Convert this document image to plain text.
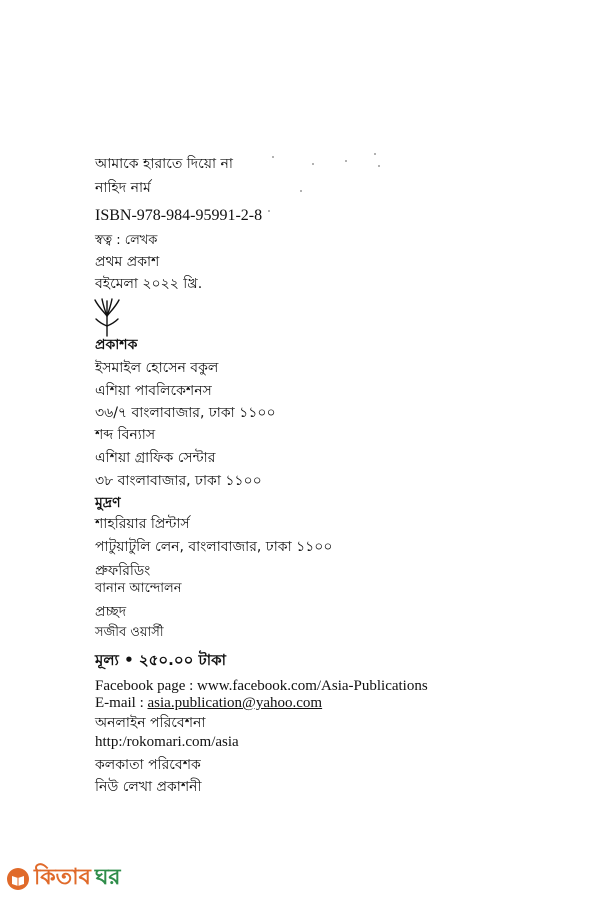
আমাকে হারাতে দিয়ো না
নাহিদ নার্ম
ISBN-978-984-95991-2-8
স্বত্ব : লেখক
প্রথম প্রকাশ
বইমেলা ২০২২ খ্রি.
প্রকাশক
ইসমাইল হোসেন বকুল
এশিয়া পাবলিকেশনস
৩৬/৭ বাংলাবাজার, ঢাকা ১১০০
শব্দ বিন্যাস
এশিয়া গ্রাফিক সেন্টার
৩৮ বাংলাবাজার, ঢাকা ১১০০
মুদ্রণ
শাহরিয়ার প্রিন্টার্স
পাটুয়াটুলি লেন, বাংলাবাজার, ঢাকা ১১০০
প্রুফরিডিং
বানান আন্দোলন
প্রচ্ছদ
সজীব ওয়ার্সী
মূল্য • ২৫০.০০ টাকা
Facebook page : www.facebook.com/Asia-Publications
E-mail : asia.publication@yahoo.com
অনলাইন পরিবেশনা
http:/rokomari.com/asia
কলকাতা পরিবেশক
নিউ লেখা প্রকাশনী
কিতাব ঘর
